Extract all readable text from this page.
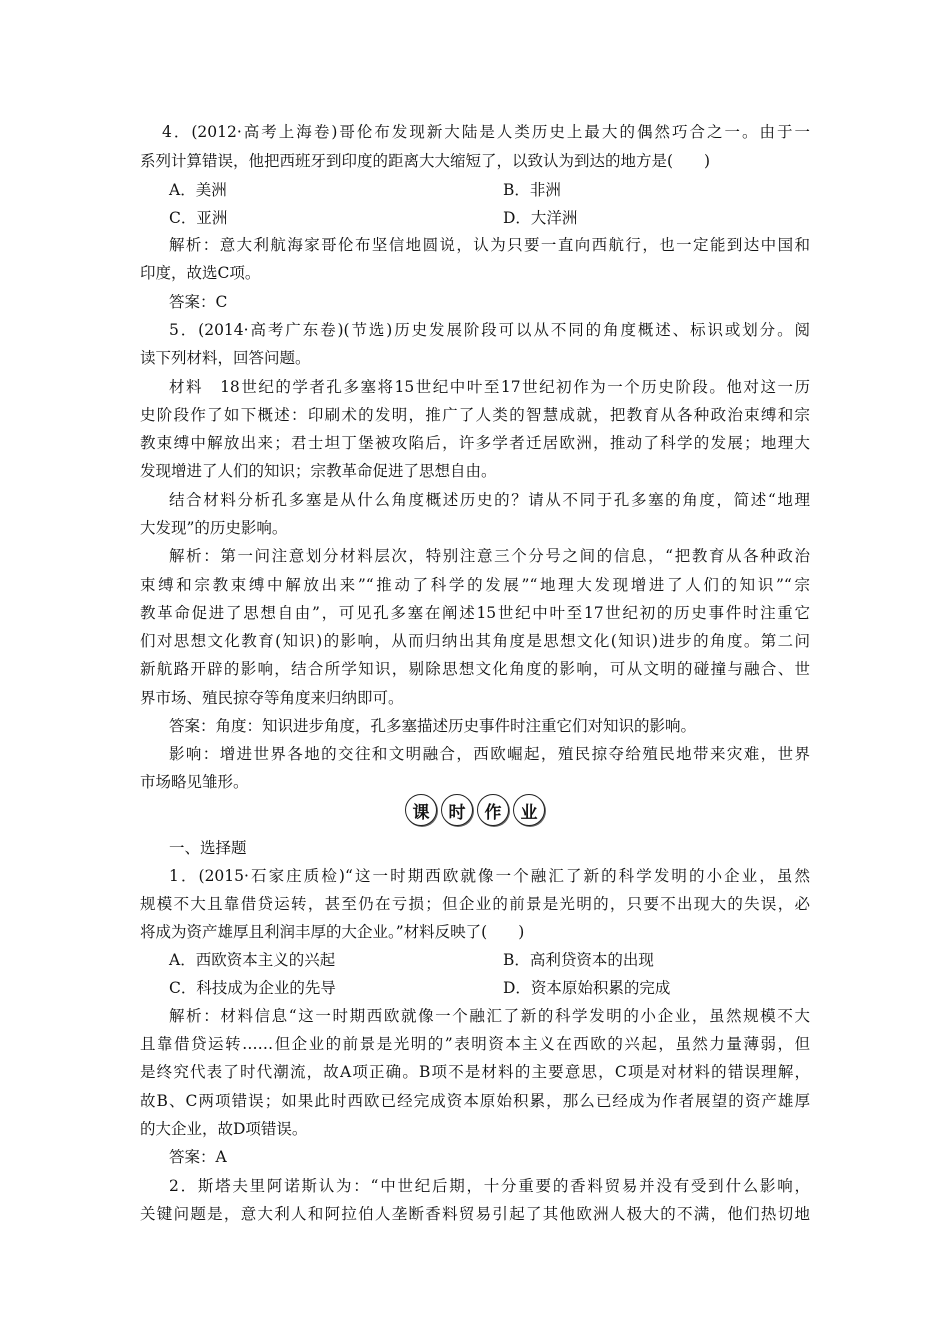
4．(2012·高考上海卷)哥伦布发现新大陆是人类历史上最大的偶然巧合之一。由于一
系列计算错误，他把西班牙到印度的距离大大缩短了，以致认为到达的地方是(　　)
A．美洲	B．非洲
C．亚洲	D．大洋洲
解析：意大利航海家哥伦布坚信地圆说，认为只要一直向西航行，也一定能到达中国和
印度，故选C项。
答案：C
5．(2014·高考广东卷)(节选)历史发展阶段可以从不同的角度概述、标识或划分。阅
读下列材料，回答问题。
材料　18世纪的学者孔多塞将15世纪中叶至17世纪初作为一个历史阶段。他对这一历
史阶段作了如下概述：印刷术的发明，推广了人类的智慧成就，把教育从各种政治束缚和宗
教束缚中解放出来；君士坦丁堡被攻陷后，许多学者迁居欧洲，推动了科学的发展；地理大
发现增进了人们的知识；宗教革命促进了思想自由。
结合材料分析孔多塞是从什么角度概述历史的？请从不同于孔多塞的角度，简述“地理
大发现”的历史影响。
解析：第一问注意划分材料层次，特别注意三个分号之间的信息，“把教育从各种政治
束缚和宗教束缚中解放出来”“推动了科学的发展”“地理大发现增进了人们的知识”“宗
教革命促进了思想自由”，可见孔多塞在阐述15世纪中叶至17世纪初的历史事件时注重它
们对思想文化教育(知识)的影响，从而归纳出其角度是思想文化(知识)进步的角度。第二问
新航路开辟的影响，结合所学知识，剔除思想文化角度的影响，可从文明的碰撞与融合、世
界市场、殖民掠夺等角度来归纳即可。
答案：角度：知识进步角度，孔多塞描述历史事件时注重它们对知识的影响。
影响：增进世界各地的交往和文明融合，西欧崛起，殖民掠夺给殖民地带来灾难，世界
市场略见雏形。
课	时	作	业
一、选择题
1．(2015·石家庄质检)“这一时期西欧就像一个融汇了新的科学发明的小企业，虽然
规模不大且靠借贷运转，甚至仍在亏损；但企业的前景是光明的，只要不出现大的失误，必
将成为资产雄厚且利润丰厚的大企业。”材料反映了(　　)
A．西欧资本主义的兴起	B．高利贷资本的出现
C．科技成为企业的先导	D．资本原始积累的完成
解析：材料信息“这一时期西欧就像一个融汇了新的科学发明的小企业，虽然规模不大
且靠借贷运转……但企业的前景是光明的”表明资本主义在西欧的兴起，虽然力量薄弱，但
是终究代表了时代潮流，故A项正确。B项不是材料的主要意思，C项是对材料的错误理解，
故B、C两项错误；如果此时西欧已经完成资本原始积累，那么已经成为作者展望的资产雄厚
的大企业，故D项错误。
答案：A
2．斯塔夫里阿诺斯认为：“中世纪后期，十分重要的香料贸易并没有受到什么影响，
关键问题是，意大利人和阿拉伯人垄断香料贸易引起了其他欧洲人极大的不满，他们热切地
